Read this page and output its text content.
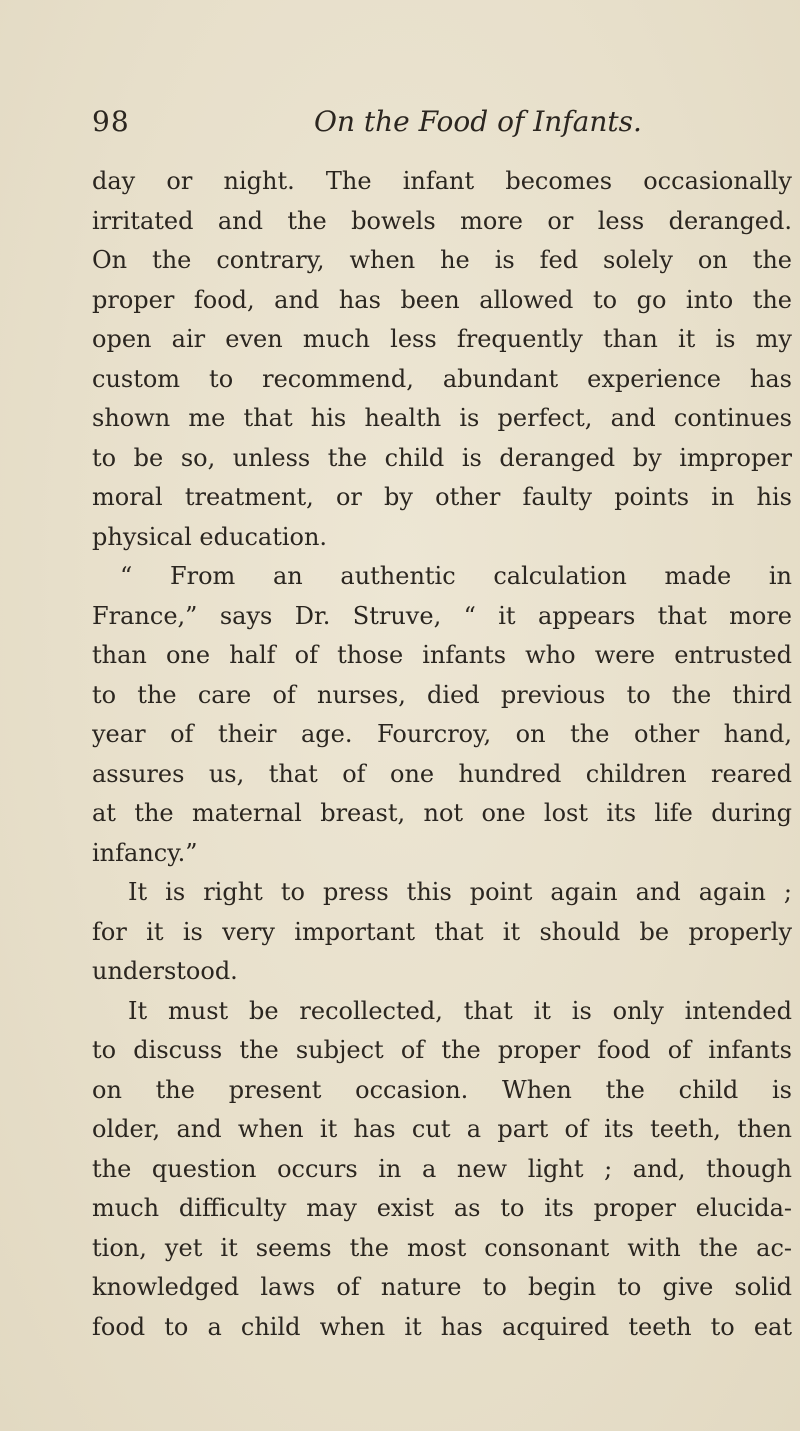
98	On the Food of Infants.
day or night. The infant becomes occasionally
irritated and the bowels more or less deranged.
On the contrary, when he is fed solely on the
proper food, and has been allowed to go into the
open air even much less frequently than it is my
custom to recommend, abundant experience has
shown me that his health is perfect, and continues
to be so, unless the child is deranged by improper
moral treatment, or by other faulty points in his
physical education.
“ From an authentic calculation made in
France,” says Dr. Struve, “ it appears that more
than one half of those infants who were entrusted
to the care of nurses, died previous to the third
year of their age. Fourcroy, on the other hand,
assures us, that of one hundred children reared
at the maternal breast, not one lost its life during
infancy.”
It is right to press this point again and again ;
for it is very important that it should be properly
understood.
It must be recollected, that it is only intended
to discuss the subject of the proper food of infants
on the present occasion. When the child is
older, and when it has cut a part of its teeth, then
the question occurs in a new light ; and, though
much difficulty may exist as to its proper elucida-
tion, yet it seems the most consonant with the ac-
knowledged laws of nature to begin to give solid
food to a child when it has acquired teeth to eat
